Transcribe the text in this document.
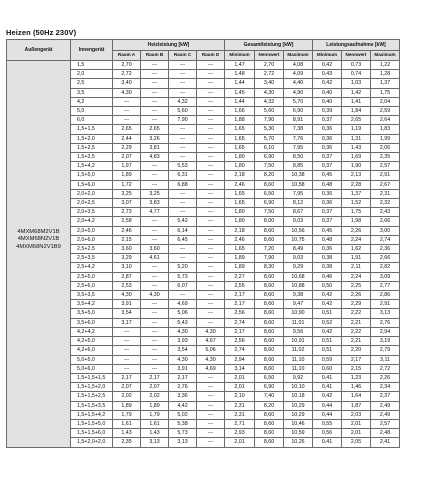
Heizen (50Hz 230V)
Außengerät	Innengerät	Heizleistung [kW]				Gesamtleistung [kW]			Leistungsaufnahme [kW]		
		Raum A	Raum B	Raum C	Raum D	Minimum	Nennwert	Maximum	Minimum	Nennwert	Maximum
	1,5	2,70	---	---	---	1,47	2,70	4,08	0,42	0,73	1,22
	2,0	2,72	---	---	---	1,48	2,72	4,09	0,43	0,74	1,28
	2,5	3,40	---	---	---	1,44	3,40	4,40	0,42	1,03	1,37
	3,5	4,30	---	---	---	1,45	4,30	4,90	0,40	1,42	1,75
	4,2	---	---	4,32	---	1,44	4,32	5,70	0,40	1,41	2,04
	5,0	---	---	5,60	---	1,66	5,60	6,90	0,39	1,84	2,59
	6,0	---	---	7,90	---	1,88	7,90	8,91	0,37	2,65	2,64
	1,5+1,5	2,65	2,65	---	---	1,65	5,30	7,38	0,36	1,19	1,83
	1,5+2,0	2,44	3,26	---	---	1,65	5,70	7,76	0,36	1,31	1,99
	1,5+2,5	2,29	3,81	---	---	1,65	6,10	7,95	0,36	1,43	2,06
	1,5+3,5	2,07	4,83	---	---	1,80	6,90	8,50	0,37	1,69	2,35
	1,5+4,2	1,97	---	5,53	---	1,80	7,50	8,85	0,37	1,90	2,57
	1,5+5,0	1,89	---	6,31	---	2,18	8,20	10,38	0,45	2,13	2,91
	1,5+6,0	1,72	---	6,88	---	2,46	8,60	10,58	0,48	2,28	2,67
	2,0+2,0	3,25	3,25	---	---	1,65	6,50	7,95	0,36	1,37	2,31
	2,0+2,5	3,07	3,83	---	---	1,65	6,90	8,12	0,36	1,52	2,32
	2,0+3,5	2,73	4,77	---	---	1,80	7,50	8,67	0,37	1,75	2,43
	2,0+4,2	2,58	---	5,42	---	1,80	8,00	9,03	0,37	1,98	2,66

4MXM68M2V1B
4MXM68N2V1B
4MXM68N2V1B9	2,0+5,0	2,46	---	6,14	---	2,18	8,60	10,56	0,45	2,26	3,00
	2,0+6,0	2,15	---	6,45	---	2,46	8,60	10,75	0,48	2,24	2,74
	2,5+2,5	3,60	3,60	---	---	1,65	7,20	8,49	0,36	1,62	2,36
	2,5+3,5	3,29	4,61	---	---	1,89	7,90	9,03	0,38	1,91	2,66
	2,5+4,2	3,10	---	5,20	---	1,89	8,30	9,29	0,38	2,11	2,82
	2,5+5,0	2,87	---	5,73	---	2,27	8,60	10,68	0,46	2,24	3,09
	2,5+6,0	2,53	---	6,07	---	2,55	8,60	10,88	0,50	2,25	2,77
	3,5+3,5	4,30	4,30	---	---	2,17	8,60	9,38	0,42	2,26	2,86
	3,5+4,2	3,91	---	4,69	---	2,17	8,60	9,47	0,42	2,29	2,91
	3,5+5,0	3,54	---	5,06	---	2,56	8,60	10,90	0,51	2,22	3,13
	3,5+6,0	3,17	---	5,43	---	2,74	8,60	11,01	0,52	2,21	2,76
	4,2+4,2	---	---	4,30	4,30	2,17	8,60	9,56	0,42	2,22	2,94
	4,2+5,0	---	---	3,93	4,67	2,56	8,60	10,91	0,51	2,21	3,19
	4,2+6,0	---	---	3,54	5,06	2,74	8,60	11,02	0,51	2,20	2,79
	5,0+5,0	---	---	4,30	4,30	2,94	8,60	11,10	0,59	2,17	3,11
	5,0+6,0	---	---	3,91	4,69	3,14	8,60	11,10	0,60	2,15	2,72
	1,5+1,5+1,5	2,17	2,17	2,17	---	2,01	6,50	9,92	0,41	1,23	2,26
	1,5+1,5+2,0	2,07	2,07	2,76	---	2,01	6,90	10,10	0,41	1,46	2,34
	1,5+1,5+2,5	2,02	2,02	3,36	---	2,10	7,40	10,18	0,42	1,64	2,37
	1,5+1,5+3,5	1,89	1,89	4,42	---	2,31	8,20	10,29	0,44	1,87	2,49
	1,5+1,5+4,2	1,79	1,79	5,02	---	2,31	8,60	10,29	0,44	2,03	2,49
	1,5+1,5+5,0	1,61	1,61	5,38	---	2,71	8,60	10,46	0,55	2,01	2,57
	1,5+1,5+6,0	1,43	1,43	5,73	---	2,93	8,60	10,59	0,56	2,01	2,48
	1,5+2,0+2,0	2,35	3,13	3,13	---	2,01	8,60	10,26	0,41	2,05	2,41
